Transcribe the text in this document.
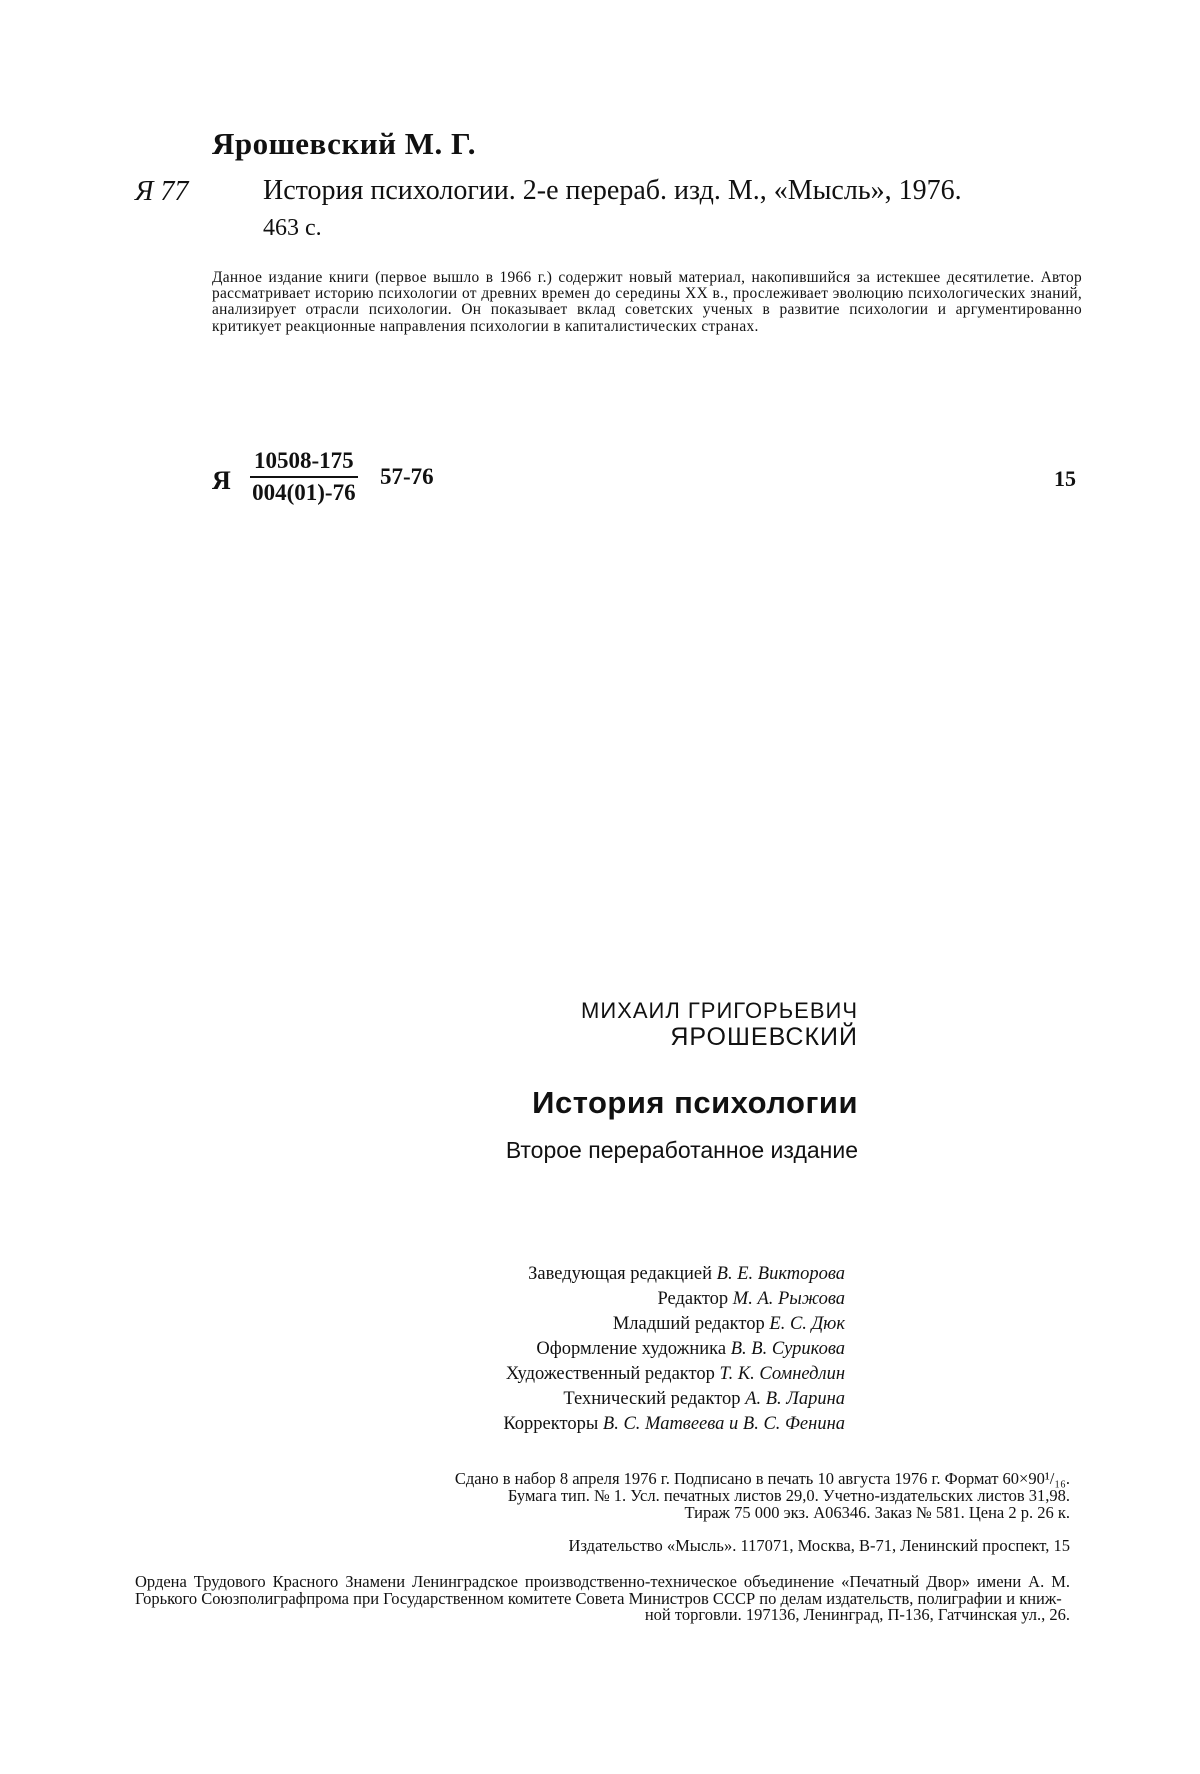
Ярошевский М. Г.
Я 77	История психологии. 2-е перераб. изд. М., «Мысль», 1976.
463 с.
Данное издание книги (первое вышло в 1966 г.) содержит новый материал, накопившийся за истекшее десятилетие. Автор рассматривает историю психологии от древних времен до середины XX в., прослеживает эволюцию психологических знаний, анализирует отрасли психологии. Он показывает вклад советских ученых в развитие психологии и аргументированно критикует реакционные направления психологии в капиталистических странах.
Я $\frac{10508-175}{004(01)-76} 57-76$	15
МИХАИЛ ГРИГОРЬЕВИЧ
ЯРОШЕВСКИЙ
История психологии
Второе переработанное издание
Заведующая редакцией В. Е. Викторова
Редактор М. А. Рыжова
Младший редактор Е. С. Дюк
Оформление художника В. В. Сурикова
Художественный редактор Т. К. Сомнедлин
Технический редактор А. В. Ларина
Корректоры В. С. Матвеева и В. С. Фенина
Сдано в набор 8 апреля 1976 г. Подписано в печать 10 августа 1976 г. Формат 60×90¹/₁₆.
Бумага тип. № 1. Усл. печатных листов 29,0. Учетно-издательских листов 31,98.
Тираж 75 000 экз. А06346. Заказ № 581. Цена 2 р. 26 к.
Издательство «Мысль». 117071, Москва, В-71, Ленинский проспект, 15
Ордена Трудового Красного Знамени Ленинградское производственно-техническое объединение «Печатный Двор» имени А. М. Горького Союзполиграфпрома при Государственном комитете Совета Министров СССР по делам издательств, полиграфии и книж-
ной торговли. 197136, Ленинград, П-136, Гатчинская ул., 26.
